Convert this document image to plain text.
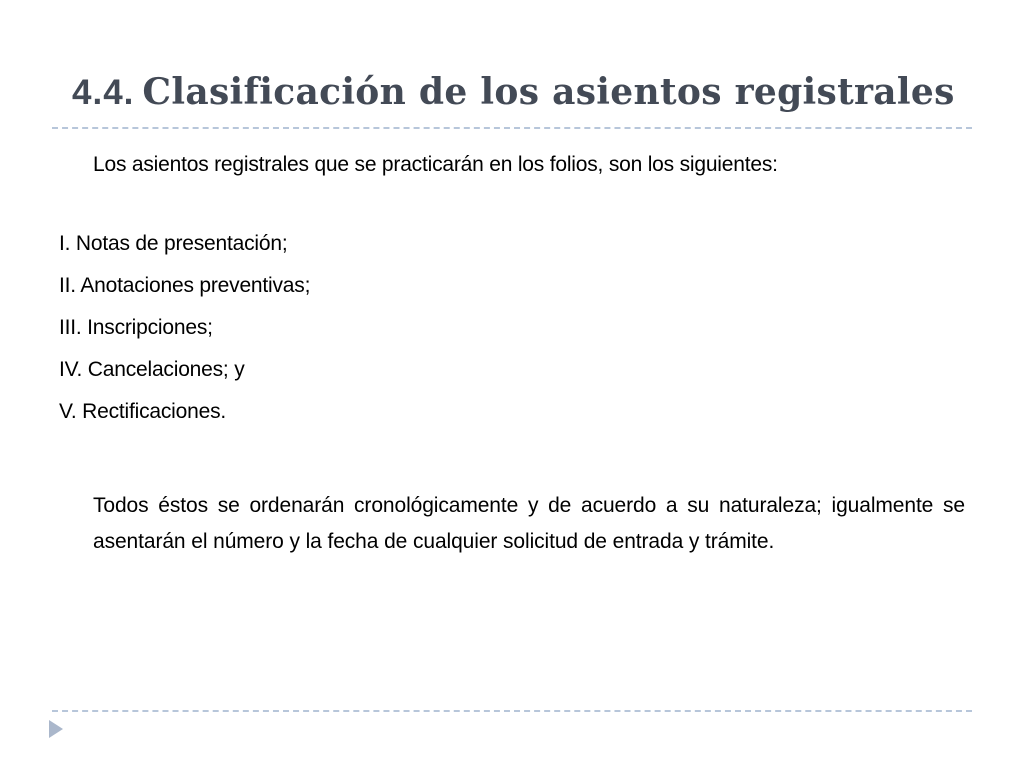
4.4. Clasificación de los asientos registrales

Los asientos registrales que se practicarán en los folios, son los siguientes:

I. Notas de presentación;
II. Anotaciones preventivas;
III. Inscripciones;
IV. Cancelaciones; y
V. Rectificaciones.

Todos éstos se ordenarán cronológicamente y de acuerdo a su naturaleza; igualmente se asentarán el número y la fecha de cualquier solicitud de entrada y trámite.
